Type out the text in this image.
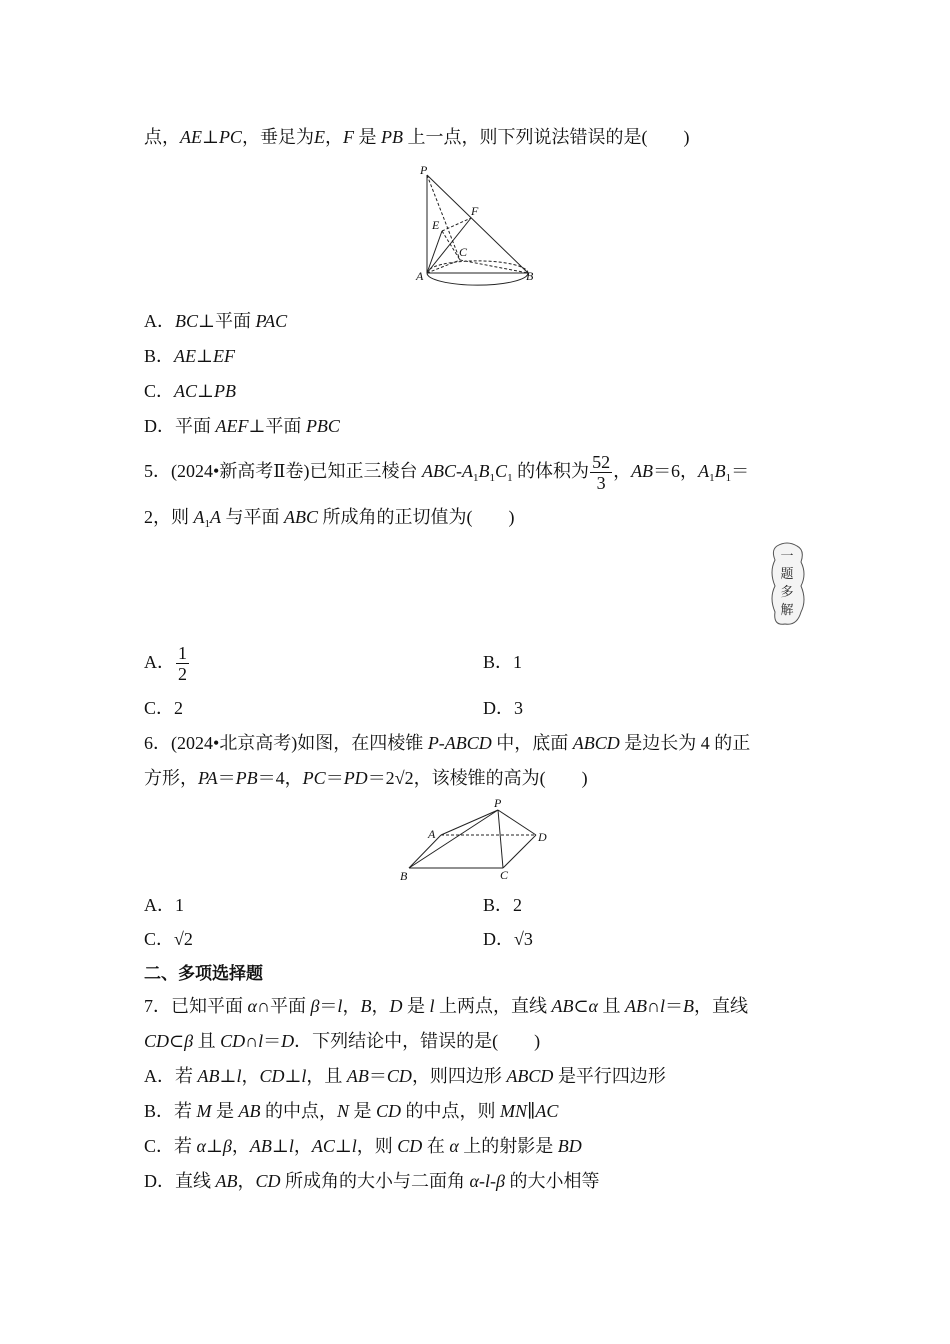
点，AE⊥PC，垂足为E，F 是 PB 上一点，则下列说法错误的是(　　)
P
F
E
C
A	B
A．BC⊥平面 PAC
B．AE⊥EF
C．AC⊥PB
D．平面 AEF⊥平面 PBC
5．(2024•新高考Ⅱ卷)已知正三棱台 ABC-$A_1B_1C_1$ 的体积为 $\frac{52}{3}$ ，AB＝6，$A_1B_1=$
2，则 $A_1A$ 与平面 ABC 所成角的正切值为(　　)
一
题
多
解
A． $\frac{1}{2}$	B．1
C．2	D．3
6．(2024•北京高考)如图，在四棱锥 P-ABCD 中，底面 ABCD 是边长为 4 的正
方形，PA＝PB＝4，PC＝PD＝2√2，该棱锥的高为(　　)
P
A	D
B	C
A．1	B．2
C．√2	D．√3
二、多项选择题
7．已知平面 α∩平面 β＝l，B，D 是 l 上两点，直线 AB⊂α 且 AB∩l＝B，直线
CD⊂β 且 CD∩l＝D．下列结论中，错误的是(　　)
A．若 AB⊥l，CD⊥l，且 AB＝CD，则四边形 ABCD 是平行四边形
B．若 M 是 AB 的中点，N 是 CD 的中点，则 MN∥AC
C．若 α⊥β，AB⊥l，AC⊥l，则 CD 在 α 上的射影是 BD
D．直线 AB，CD 所成角的大小与二面角 α-l-β 的大小相等
